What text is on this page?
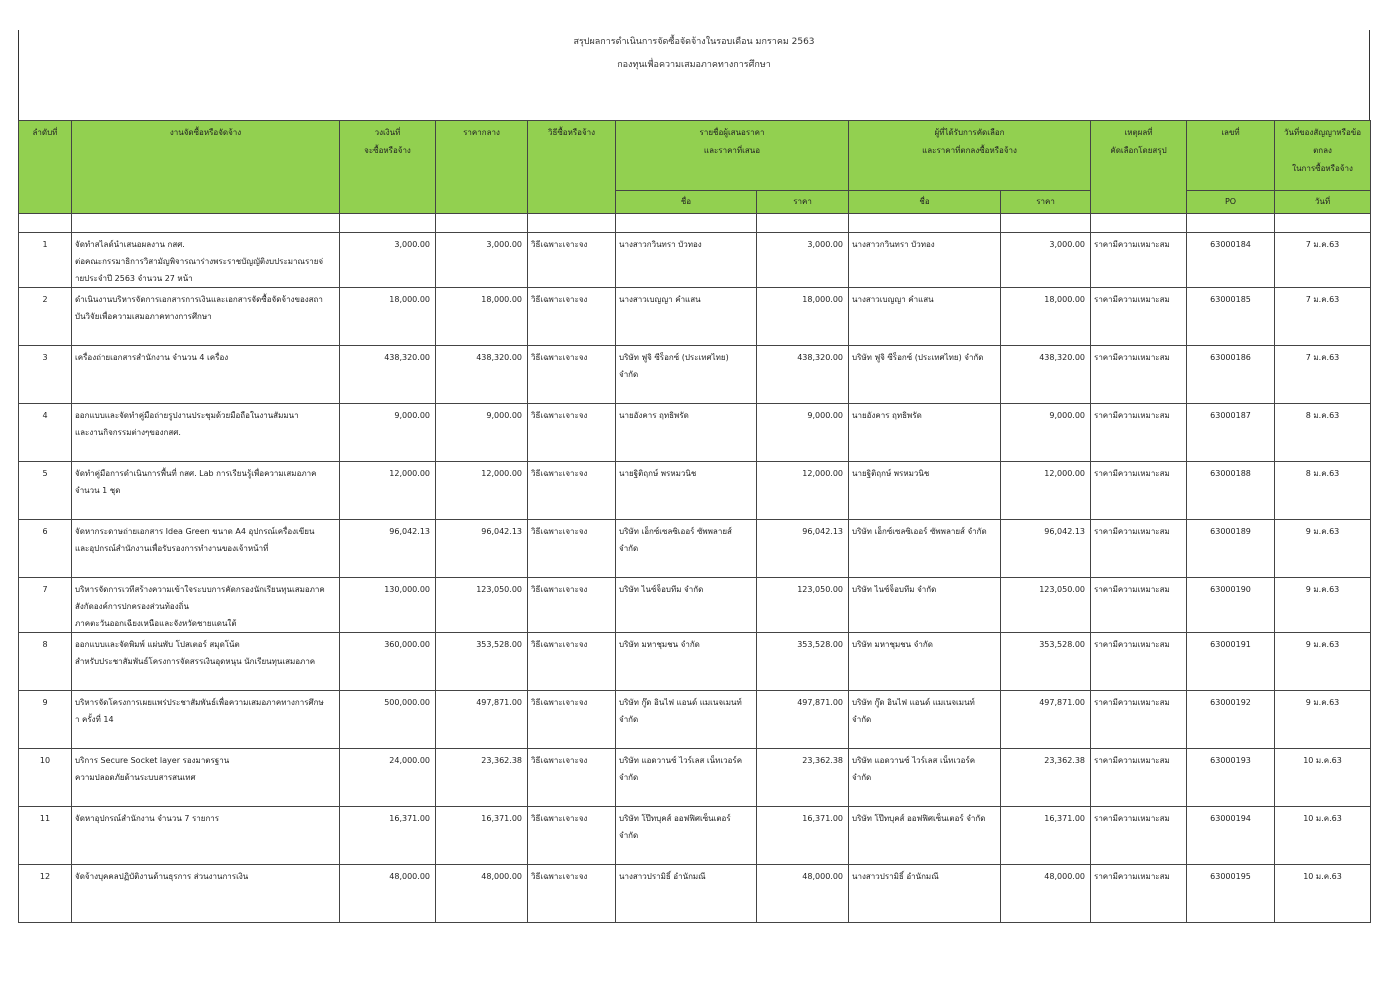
สรุปผลการดำเนินการจัดซื้อจัดจ้างในรอบเดือน มกราคม 2563
กองทุนเพื่อความเสมอภาคทางการศึกษา
ลำดับที่	งานจัดซื้อหรือจัดจ้าง	วงเงินที่
จะซื้อหรือจ้าง	ราคากลาง	วิธีซื้อหรือจ้าง	รายชื่อผู้เสนอราคา
และราคาที่เสนอ		ผู้ที่ได้รับการคัดเลือก
และราคาที่ตกลงซื้อหรือจ้าง		เหตุผลที่
คัดเลือกโดยสรุป	เลขที่	วันที่ของสัญญาหรือข้อตกลง
ในการซื้อหรือจ้าง

					ชื่อ	ราคา	ชื่อ	ราคา		PO	วันที่

1	จัดทำสไลด์นำเสนอผลงาน กสศ.
ต่อคณะกรรมาธิการวิสามัญพิจารณาร่างพระราชบัญญัติงบประมาณรายจ่
ายประจำปี 2563 จำนวน 27 หน้า	3,000.00	3,000.00	วิธีเฉพาะเจาะจง	นางสาวกวินทรา บัวทอง	3,000.00	นางสาวกวินทรา บัวทอง	3,000.00	ราคามีความเหมาะสม	63000184	7 ม.ค.63
2	ดำเนินงานบริหารจัดการเอกสารการเงินและเอกสารจัดซื้อจัดจ้างของสถา
บันวิจัยเพื่อความเสมอภาคทางการศึกษา	18,000.00	18,000.00	วิธีเฉพาะเจาะจง	นางสาวเบญญา คำแสน	18,000.00	นางสาวเบญญา คำแสน	18,000.00	ราคามีความเหมาะสม	63000185	7 ม.ค.63
3	เครื่องถ่ายเอกสารสำนักงาน จำนวน 4 เครื่อง	438,320.00	438,320.00	วิธีเฉพาะเจาะจง	บริษัท ฟูจิ ซีร็อกซ์ (ประเทศไทย)
จำกัด	438,320.00	บริษัท ฟูจิ ซีร็อกซ์ (ประเทศไทย) จำกัด	438,320.00	ราคามีความเหมาะสม	63000186	7 ม.ค.63
4	ออกแบบและจัดทำคู่มือถ่ายรูปงานประชุมด้วยมือถือในงานสัมมนา
และงานกิจกรรมต่างๆของกสศ.	9,000.00	9,000.00	วิธีเฉพาะเจาะจง	นายอังคาร ฤทธิพรัด	9,000.00	นายอังคาร ฤทธิพรัด	9,000.00	ราคามีความเหมาะสม	63000187	8 ม.ค.63
5	จัดทำคู่มือการดำเนินการพื้นที่ กสศ. Lab การเรียนรู้เพื่อความเสมอภาค
จำนวน 1 ชุด	12,000.00	12,000.00	วิธีเฉพาะเจาะจง	นายฐิติฤกษ์ พรหมวนิช	12,000.00	นายฐิติฤกษ์ พรหมวนิช	12,000.00	ราคามีความเหมาะสม	63000188	8 ม.ค.63
6	จัดหากระดาษถ่ายเอกสาร Idea Green ขนาด A4 อุปกรณ์เครื่องเขียน
และอุปกรณ์สำนักงานเพื่อรับรองการทำงานของเจ้าหน้าที่	96,042.13	96,042.13	วิธีเฉพาะเจาะจง	บริษัท เอ็กซ์เซลซิเออร์ ซัพพลายส์
จำกัด	96,042.13	บริษัท เอ็กซ์เซลซิเออร์ ซัพพลายส์ จำกัด	96,042.13	ราคามีความเหมาะสม	63000189	9 ม.ค.63
7	บริหารจัดการเวทีสร้างความเข้าใจระบบการคัดกรองนักเรียนทุนเสมอภาค
สังกัดองค์การปกครองส่วนท้องถิ่น
ภาคตะวันออกเฉียงเหนือและจังหวัดชายแดนใต้	130,000.00	123,050.00	วิธีเฉพาะเจาะจง	บริษัท ไนซ์จ็อบทีม จำกัด	123,050.00	บริษัท ไนซ์จ็อบทีม จำกัด	123,050.00	ราคามีความเหมาะสม	63000190	9 ม.ค.63
8	ออกแบบและจัดพิมพ์ แผ่นพับ โปสเตอร์ สมุดโน้ต
สำหรับประชาสัมพันธ์โครงการจัดสรรเงินอุดหนุน นักเรียนทุนเสมอภาค	360,000.00	353,528.00	วิธีเฉพาะเจาะจง	บริษัท มหาชุมชน จำกัด	353,528.00	บริษัท มหาชุมชน จำกัด	353,528.00	ราคามีความเหมาะสม	63000191	9 ม.ค.63
9	บริหารจัดโครงการเผยแพร่ประชาสัมพันธ์เพื่อความเสมอภาคทางการศึกษ
า ครั้งที่ 14	500,000.00	497,871.00	วิธีเฉพาะเจาะจง	บริษัท กู๊ด อินไฟ แอนด์ แมเนจเมนท์
จำกัด	497,871.00	บริษัท กู๊ด อินไฟ แอนด์ แมเนจเมนท์
จำกัด	497,871.00	ราคามีความเหมาะสม	63000192	9 ม.ค.63
10	บริการ Secure Socket layer รองมาตรฐาน
ความปลอดภัยด้านระบบสารสนเทศ	24,000.00	23,362.38	วิธีเฉพาะเจาะจง	บริษัท แอดวานซ์ ไวร์เลส เน็ทเวอร์ค
จำกัด	23,362.38	บริษัท แอดวานซ์ ไวร์เลส เน็ทเวอร์ค
จำกัด	23,362.38	ราคามีความเหมาะสม	63000193	10 ม.ค.63
11	จัดหาอุปกรณ์สำนักงาน จำนวน 7 รายการ	16,371.00	16,371.00	วิธีเฉพาะเจาะจง	บริษัท โป๊ทบุคส์ ออฟฟิศเซ็นเตอร์
จำกัด	16,371.00	บริษัท โป๊ทบุคส์ ออฟฟิศเซ็นเตอร์ จำกัด	16,371.00	ราคามีความเหมาะสม	63000194	10 ม.ค.63
12	จัดจ้างบุคคลปฏิบัติงานด้านธุรการ ส่วนงานการเงิน	48,000.00	48,000.00	วิธีเฉพาะเจาะจง	นางสาวปรามิธิ์ อำนักมณี	48,000.00	นางสาวปรามิธิ์ อำนักมณี	48,000.00	ราคามีความเหมาะสม	63000195	10 ม.ค.63
